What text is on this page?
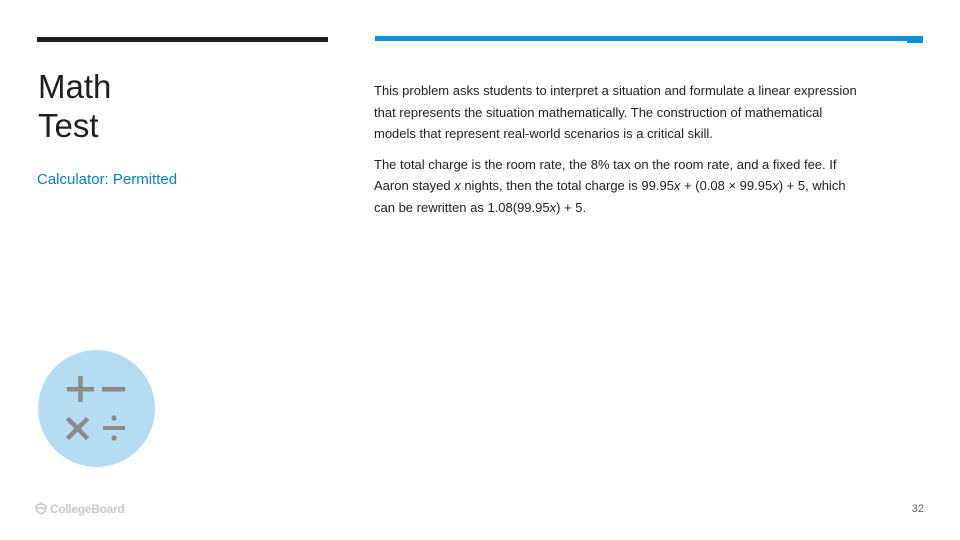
Math
Test
Calculator: Permitted

This problem asks students to interpret a situation and formulate a linear expression that represents the situation mathematically. The construction of mathematical models that represent real-world scenarios is a critical skill.

The total charge is the room rate, the 8% tax on the room rate, and a fixed fee. If Aaron stayed x nights, then the total charge is 99.95x + (0.08 × 99.95x) + 5, which can be rewritten as 1.08(99.95x) + 5.

CollegeBoard	32
